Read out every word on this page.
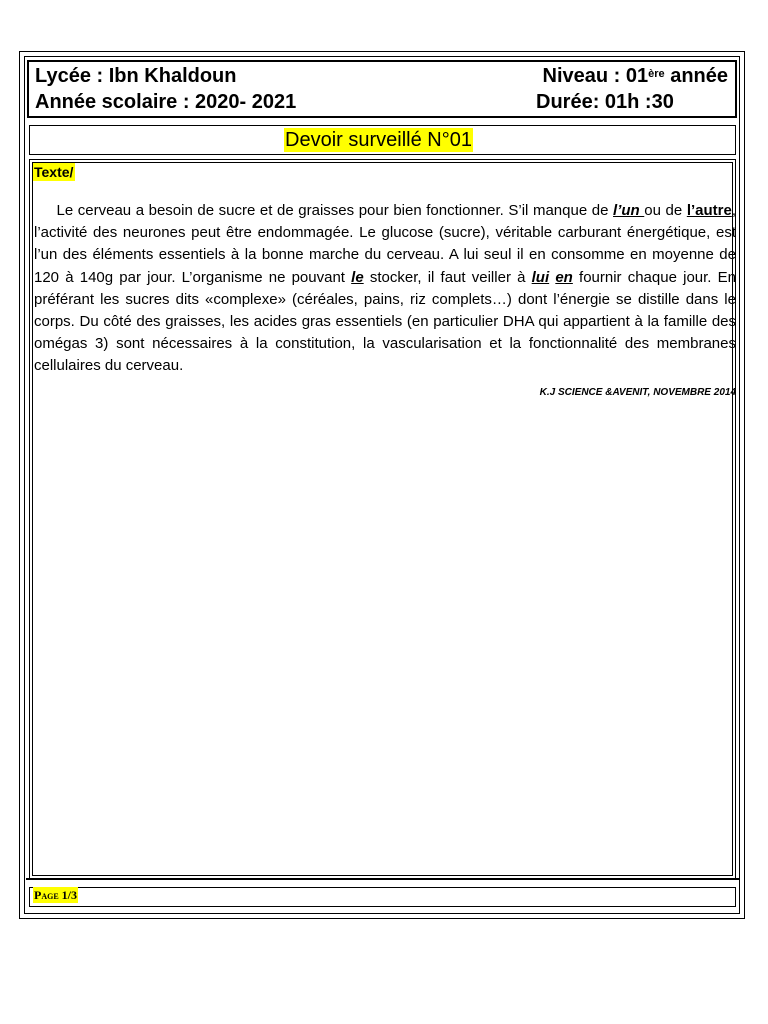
Lycée : Ibn Khaldoun
Année scolaire : 2020- 2021
Niveau : 01ère année
Durée: 01h :30
Devoir surveillé N°01
Texte/

  Le cerveau a besoin de sucre et de graisses pour bien fonctionner. S’il manque de l’un ou de l’autre, l’activité des neurones peut être endommagée. Le glucose (sucre), véritable carburant énergétique, est l’un des éléments essentiels à la bonne marche du cerveau. A lui seul il en consomme en moyenne de 120 à 140g par jour. L’organisme ne pouvant le stocker, il faut veiller à lui en fournir chaque jour. En préférant les sucres dits «complexe» (céréales, pains, riz complets…) dont l’énergie se distille dans le corps. Du côté des graisses, les acides gras essentiels (en particulier DHA qui appartient à la famille des omégas 3) sont nécessaires à la constitution, la vascularisation et la fonctionnalité des membranes cellulaires du cerveau.

K.J SCIENCE &AVENIT, NOVEMBRE 2014
Page 1/3
